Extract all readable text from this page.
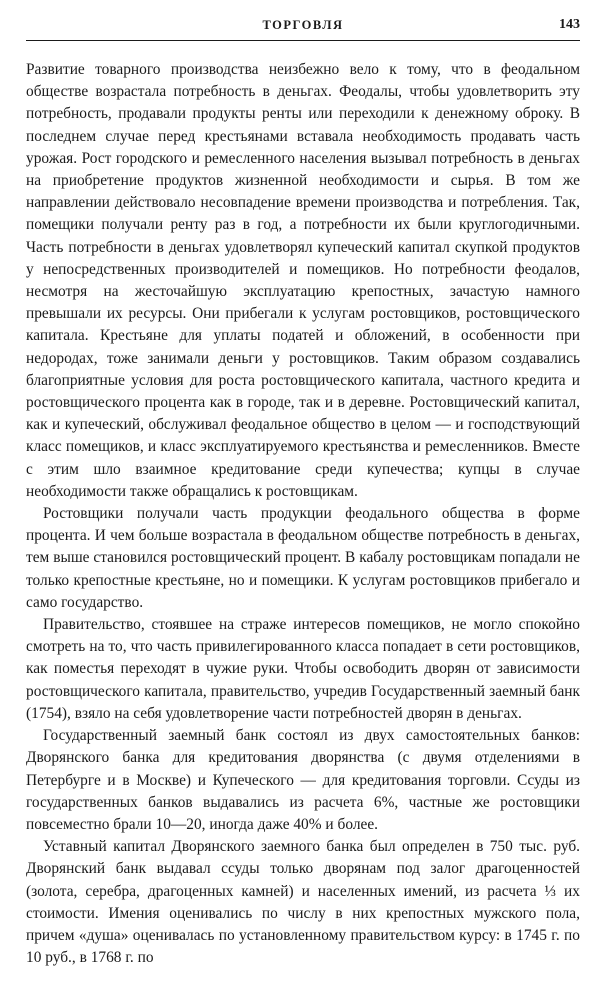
ТОРГОВЛЯ	143

Развитие товарного производства неизбежно вело к тому, что в феодальном обществе возрастала потребность в деньгах. Феодалы, чтобы удовлетворить эту потребность, продавали продукты ренты или переходили к денежному оброку. В последнем случае перед крестьянами вставала необходимость продавать часть урожая. Рост городского и ремесленного населения вызывал потребность в деньгах на приобретение продуктов жизненной необходимости и сырья. В том же направлении действовало несовпадение времени производства и потребления. Так, помещики получали ренту раз в год, а потребности их были круглогодичными. Часть потребности в деньгах удовлетворял купеческий капитал скупкой продуктов у непосредственных производителей и помещиков. Но потребности феодалов, несмотря на жесточайшую эксплуатацию крепостных, зачастую намного превышали их ресурсы. Они прибегали к услугам ростовщиков, ростовщического капитала. Крестьяне для уплаты податей и обложений, в особенности при недородах, тоже занимали деньги у ростовщиков. Таким образом создавались благоприятные условия для роста ростовщического капитала, частного кредита и ростовщического процента как в городе, так и в деревне. Ростовщический капитал, как и купеческий, обслуживал феодальное общество в целом — и господствующий класс помещиков, и класс эксплуатируемого крестьянства и ремесленников. Вместе с этим шло взаимное кредитование среди купечества; купцы в случае необходимости также обращались к ростовщикам.

Ростовщики получали часть продукции феодального общества в форме процента. И чем больше возрастала в феодальном обществе потребность в деньгах, тем выше становился ростовщический процент. В кабалу ростовщикам попадали не только крепостные крестьяне, но и помещики. К услугам ростовщиков прибегало и само государство.

Правительство, стоявшее на страже интересов помещиков, не могло спокойно смотреть на то, что часть привилегированного класса попадает в сети ростовщиков, как поместья переходят в чужие руки. Чтобы освободить дворян от зависимости ростовщического капитала, правительство, учредив Государственный заемный банк (1754), взяло на себя удовлетворение части потребностей дворян в деньгах.

Государственный заемный банк состоял из двух самостоятельных банков: Дворянского банка для кредитования дворянства (с двумя отделениями в Петербурге и в Москве) и Купеческого — для кредитования торговли. Ссуды из государственных банков выдавались из расчета 6%, частные же ростовщики повсеместно брали 10—20, иногда даже 40% и более.

Уставный капитал Дворянского заемного банка был определен в 750 тыс. руб. Дворянский банк выдавал ссуды только дворянам под залог драгоценностей (золота, серебра, драгоценных камней) и населенных имений, из расчета ⅓ их стоимости. Имения оценивались по числу в них крепостных мужского пола, причем «душа» оценивалась по установленному правительством курсу: в 1745 г. по 10 руб., в 1768 г. по
